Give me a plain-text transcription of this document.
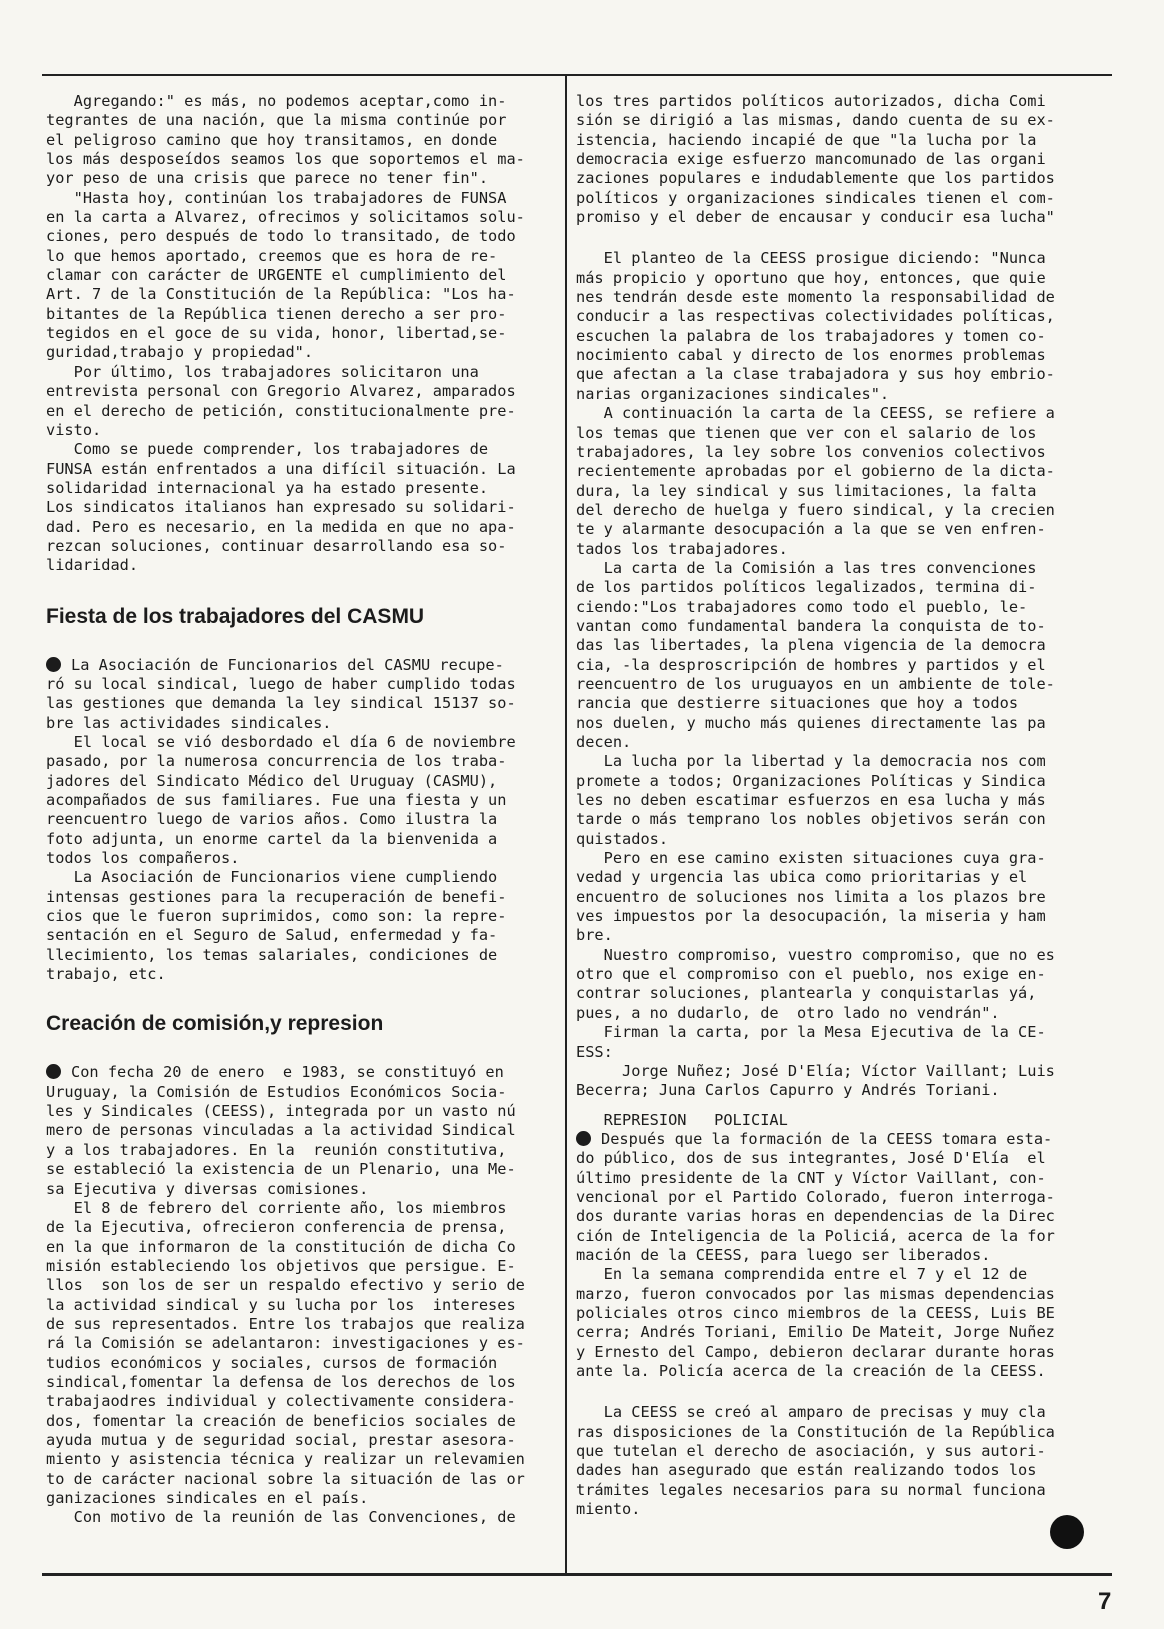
Agregando:" es más, no podemos aceptar,como in-
tegrantes de una nación, que la misma continúe por
el peligroso camino que hoy transitamos, en donde
los más desposeídos seamos los que soportemos el ma-
yor peso de una crisis que parece no tener fin".
"Hasta hoy, continúan los trabajadores de FUNSA
en la carta a Alvarez, ofrecimos y solicitamos solu-
ciones, pero después de todo lo transitado, de todo
lo que hemos aportado, creemos que es hora de re-
clamar con carácter de URGENTE el cumplimiento del
Art. 7 de la Constitución de la República: "Los ha-
bitantes de la República tienen derecho a ser pro-
tegidos en el goce de su vida, honor, libertad,se-
guridad,trabajo y propiedad".
Por último, los trabajadores solicitaron una
entrevista personal con Gregorio Alvarez, amparados
en el derecho de petición, constitucionalmente pre-
visto.
Como se puede comprender, los trabajadores de
FUNSA están enfrentados a una difícil situación. La
solidaridad internacional ya ha estado presente.
Los sindicatos italianos han expresado su solidari-
dad. Pero es necesario, en la medida en que no apa-
rezcan soluciones, continuar desarrollando esa so-
lidaridad.
Fiesta de los trabajadores del CASMU
La Asociación de Funcionarios del CASMU recupe-
ró su local sindical, luego de haber cumplido todas
las gestiones que demanda la ley sindical 15137 so-
bre las actividades sindicales.
El local se vió desbordado el día 6 de noviembre
pasado, por la numerosa concurrencia de los traba-
jadores del Sindicato Médico del Uruguay (CASMU),
acompañados de sus familiares. Fue una fiesta y un
reencuentro luego de varios años. Como ilustra la
foto adjunta, un enorme cartel da la bienvenida a
todos los compañeros.
La Asociación de Funcionarios viene cumpliendo
intensas gestiones para la recuperación de benefi-
cios que le fueron suprimidos, como son: la repre-
sentación en el Seguro de Salud, enfermedad y fa-
llecimiento, los temas salariales, condiciones de
trabajo, etc.
Creación de comisión,y represion
Con fecha 20 de enero  e 1983, se constituyó en
Uruguay, la Comisión de Estudios Económicos Socia-
les y Sindicales (CEESS), integrada por un vasto nú
mero de personas vinculadas a la actividad Sindical
y a los trabajadores. En la  reunión constitutiva,
se estableció la existencia de un Plenario, una Me-
sa Ejecutiva y diversas comisiones.
El 8 de febrero del corriente año, los miembros
de la Ejecutiva, ofrecieron conferencia de prensa,
en la que informaron de la constitución de dicha Co
misión estableciendo los objetivos que persigue. E-
llos  son los de ser un respaldo efectivo y serio de
la actividad sindical y su lucha por los  intereses
de sus representados. Entre los trabajos que realiza
rá la Comisión se adelantaron: investigaciones y es-
tudios económicos y sociales, cursos de formación
sindical,fomentar la defensa de los derechos de los
trabajaodres individual y colectivamente considera-
dos, fomentar la creación de beneficios sociales de
ayuda mutua y de seguridad social, prestar asesora-
miento y asistencia técnica y realizar un relevamien
to de carácter nacional sobre la situación de las or
ganizaciones sindicales en el país.
Con motivo de la reunión de las Convenciones, de
los tres partidos políticos autorizados, dicha Comi
sión se dirigió a las mismas, dando cuenta de su ex-
istencia, haciendo incapié de que "la lucha por la
democracia exige esfuerzo mancomunado de las organi
zaciones populares e indudablemente que los partidos
políticos y organizaciones sindicales tienen el com-
promiso y el deber de encausar y conducir esa lucha"
El planteo de la CEESS prosigue diciendo: "Nunca
más propicio y oportuno que hoy, entonces, que quie
nes tendrán desde este momento la responsabilidad de
conducir a las respectivas colectividades políticas,
escuchen la palabra de los trabajadores y tomen co-
nocimiento cabal y directo de los enormes problemas
que afectan a la clase trabajadora y sus hoy embrio-
narias organizaciones sindicales".
A continuación la carta de la CEESS, se refiere a
los temas que tienen que ver con el salario de los
trabajadores, la ley sobre los convenios colectivos
recientemente aprobadas por el gobierno de la dicta-
dura, la ley sindical y sus limitaciones, la falta
del derecho de huelga y fuero sindical, y la crecien
te y alarmante desocupación a la que se ven enfren-
tados los trabajadores.
La carta de la Comisión a las tres convenciones
de los partidos políticos legalizados, termina di-
ciendo:"Los trabajadores como todo el pueblo, le-
vantan como fundamental bandera la conquista de to-
das las libertades, la plena vigencia de la democra
cia, -la desproscripción de hombres y partidos y el
reencuentro de los uruguayos en un ambiente de tole-
rancia que destierre situaciones que hoy a todos
nos duelen, y mucho más quienes directamente las pa
decen.
La lucha por la libertad y la democracia nos com
promete a todos; Organizaciones Políticas y Sindica
les no deben escatimar esfuerzos en esa lucha y más
tarde o más temprano los nobles objetivos serán con
quistados.
Pero en ese camino existen situaciones cuya gra-
vedad y urgencia las ubica como prioritarias y el
encuentro de soluciones nos limita a los plazos bre
ves impuestos por la desocupación, la miseria y ham
bre.
Nuestro compromiso, vuestro compromiso, que no es
otro que el compromiso con el pueblo, nos exige en-
contrar soluciones, plantearla y conquistarlas yá,
pues, a no dudarlo, de  otro lado no vendrán".
Firman la carta, por la Mesa Ejecutiva de la CE-
ESS:
Jorge Nuñez; José D'Elía; Víctor Vaillant; Luis
Becerra; Juna Carlos Capurro y Andrés Toriani.
REPRESION   POLICIAL
Después que la formación de la CEESS tomara esta-
do público, dos de sus integrantes, José D'Elía  el
último presidente de la CNT y Víctor Vaillant, con-
vencional por el Partido Colorado, fueron interroga-
dos durante varias horas en dependencias de la Direc
ción de Inteligencia de la Policiá, acerca de la for
mación de la CEESS, para luego ser liberados.
En la semana comprendida entre el 7 y el 12 de
marzo, fueron convocados por las mismas dependencias
policiales otros cinco miembros de la CEESS, Luis BE
cerra; Andrés Toriani, Emilio De Mateit, Jorge Nuñez
y Ernesto del Campo, debieron declarar durante horas
ante la. Policía acerca de la creación de la CEESS.
La CEESS se creó al amparo de precisas y muy cla
ras disposiciones de la Constitución de la República
que tutelan el derecho de asociación, y sus autori-
dades han asegurado que están realizando todos los
trámites legales necesarios para su normal funciona
miento.
7
